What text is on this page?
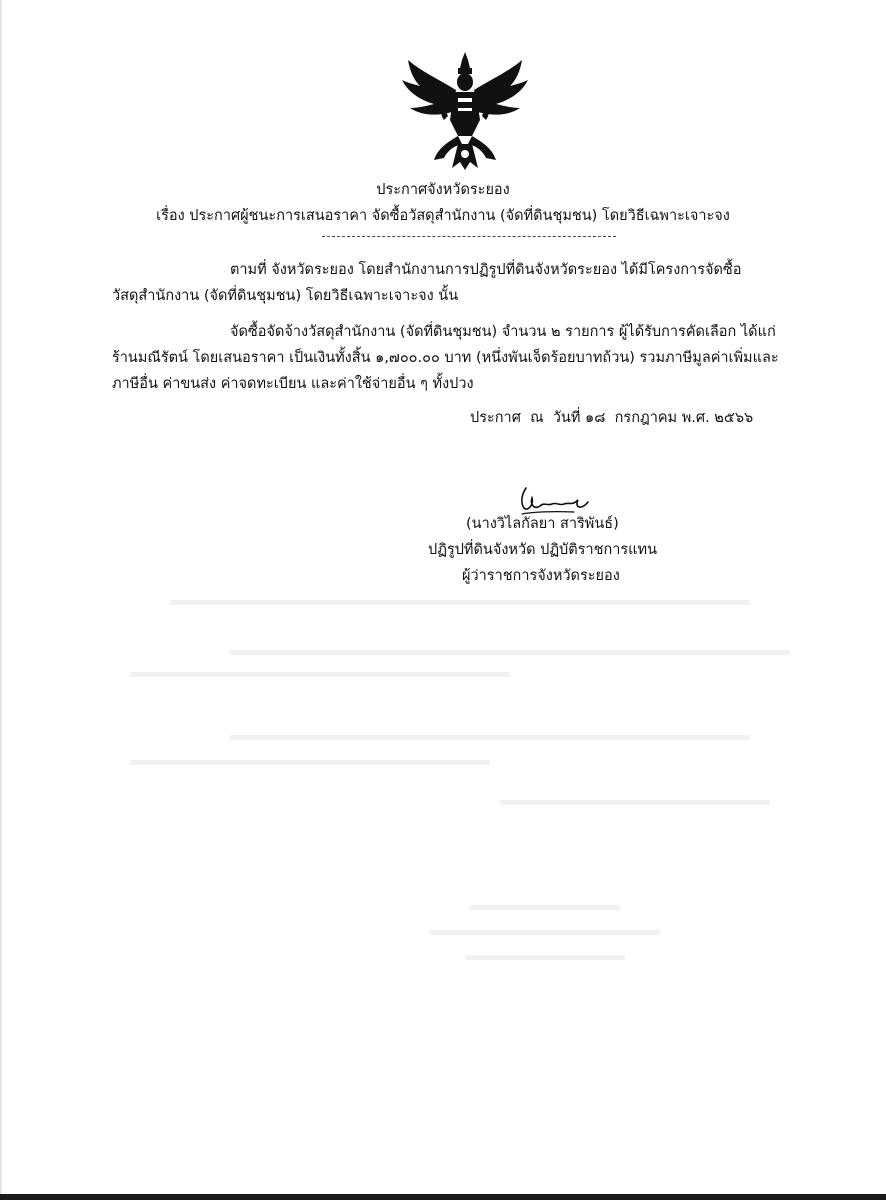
ประกาศจังหวัดระยอง
เรื่อง ประกาศผู้ชนะการเสนอราคา จัดซื้อวัสดุสำนักงาน (จัดที่ดินชุมชน) โดยวิธีเฉพาะเจาะจง
ตามที่ จังหวัดระยอง โดยสำนักงานการปฏิรูปที่ดินจังหวัดระยอง ได้มีโครงการจัดซื้อ
วัสดุสำนักงาน (จัดที่ดินชุมชน) โดยวิธีเฉพาะเจาะจง นั้น
จัดซื้อจัดจ้างวัสดุสำนักงาน (จัดที่ดินชุมชน) จำนวน ๒ รายการ ผู้ได้รับการคัดเลือก ได้แก่
ร้านมณีรัตน์ โดยเสนอราคา เป็นเงินทั้งสิ้น ๑,๗๐๐.๐๐ บาท (หนึ่งพันเจ็ดร้อยบาทถ้วน) รวมภาษีมูลค่าเพิ่มและ
ภาษีอื่น ค่าขนส่ง ค่าจดทะเบียน และค่าใช้จ่ายอื่น ๆ ทั้งปวง
ประกาศ  ณ  วันที่ ๑๘  กรกฎาคม พ.ศ. ๒๕๖๖
(นางวิไลกัลยา สาริพันธ์)
ปฏิรูปที่ดินจังหวัด ปฏิบัติราชการแทน
ผู้ว่าราชการจังหวัดระยอง
